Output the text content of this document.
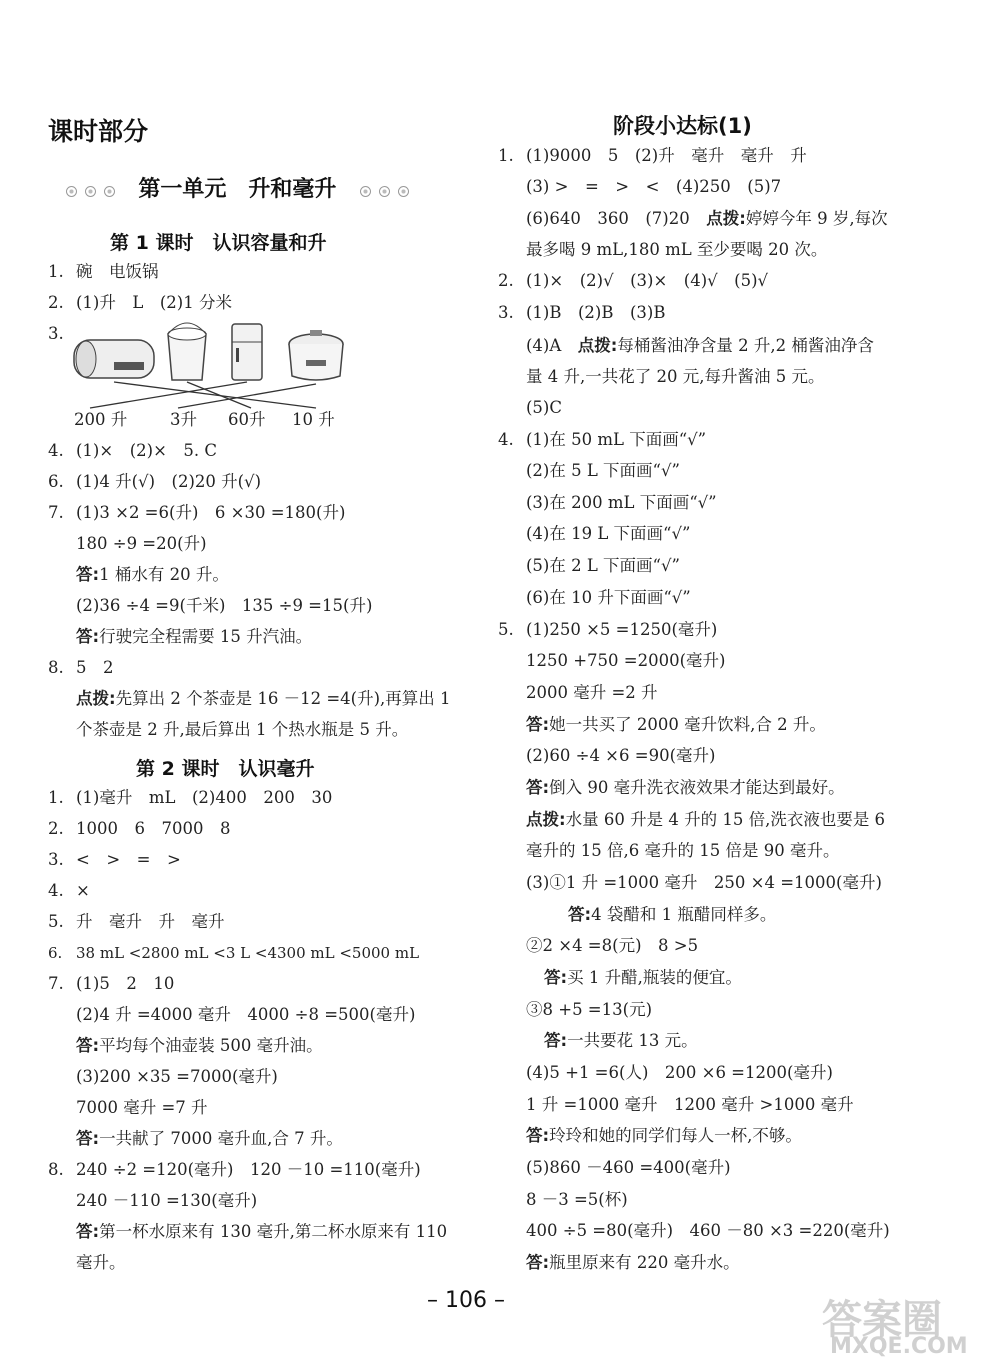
课时部分
第一单元　升和毫升
第 1 课时　认识容量和升
1. 碗　电饭锅
2. (1)升　L　(2)1 分米
3.
200 升	3升 60升 10 升
4. (1)×　(2)×　5. C
6. (1)4 升(√)　(2)20 升(√)
7. (1)3 ×2 =6(升)　6 ×30 =180(升)
180 ÷9 =20(升)
答:1 桶水有 20 升。
(2)36 ÷4 =9(千米)　135 ÷9 =15(升)
答:行驶完全程需要 15 升汽油。
8. 5　2
点拨:先算出 2 个茶壶是 16 －12 =4(升),再算出 1
个茶壶是 2 升,最后算出 1 个热水瓶是 5 升。
第 2 课时　认识毫升
1. (1)毫升　mL　(2)400　200　30
2. 1000　6　7000　8
3. <　>　=　>
4. ×
5. 升　毫升　升　毫升
6. 38 mL <2800 mL <3 L <4300 mL <5000 mL
7. (1)5　2　10
(2)4 升 =4000 毫升　4000 ÷8 =500(毫升)
答:平均每个油壶装 500 毫升油。
(3)200 ×35 =7000(毫升)
7000 毫升 =7 升
答:一共献了 7000 毫升血,合 7 升。
8. 240 ÷2 =120(毫升)　120 －10 =110(毫升)
240 －110 =130(毫升)
答:第一杯水原来有 130 毫升,第二杯水原来有 110
毫升。
阶段小达标(1)
1. (1)9000　5　(2)升　毫升　毫升　升
(3) >　=　>　<　(4)250　(5)7
(6)640　360　(7)20　点拨:婷婷今年 9 岁,每次
最多喝 9 mL,180 mL 至少要喝 20 次。
2. (1)×　(2)√　(3)×　(4)√　(5)√
3. (1)B　(2)B　(3)B
(4)A　点拨:每桶酱油净含量 2 升,2 桶酱油净含
量 4 升,一共花了 20 元,每升酱油 5 元。
(5)C
4. (1)在 50 mL 下面画“√”
(2)在 5 L 下面画“√”
(3)在 200 mL 下面画“√”
(4)在 19 L 下面画“√”
(5)在 2 L 下面画“√”
(6)在 10 升下面画“√”
5. (1)250 ×5 =1250(毫升)
1250 +750 =2000(毫升)
2000 毫升 =2 升
答:她一共买了 2000 毫升饮料,合 2 升。
(2)60 ÷4 ×6 =90(毫升)
答:倒入 90 毫升洗衣液效果才能达到最好。
点拨:水量 60 升是 4 升的 15 倍,洗衣液也要是 6
毫升的 15 倍,6 毫升的 15 倍是 90 毫升。
(3)①1 升 =1000 毫升　250 ×4 =1000(毫升)
答:4 袋醋和 1 瓶醋同样多。
②2 ×4 =8(元)　8 >5
答:买 1 升醋,瓶装的便宜。
③8 +5 =13(元)
答:一共要花 13 元。
(4)5 +1 =6(人)　200 ×6 =1200(毫升)
1 升 =1000 毫升　1200 毫升 >1000 毫升
答:玲玲和她的同学们每人一杯,不够。
(5)860 －460 =400(毫升)
8 －3 =5(杯)
400 ÷5 =80(毫升)　460 －80 ×3 =220(毫升)
答:瓶里原来有 220 毫升水。
– 106 –	答案圈
MXQE.COM
